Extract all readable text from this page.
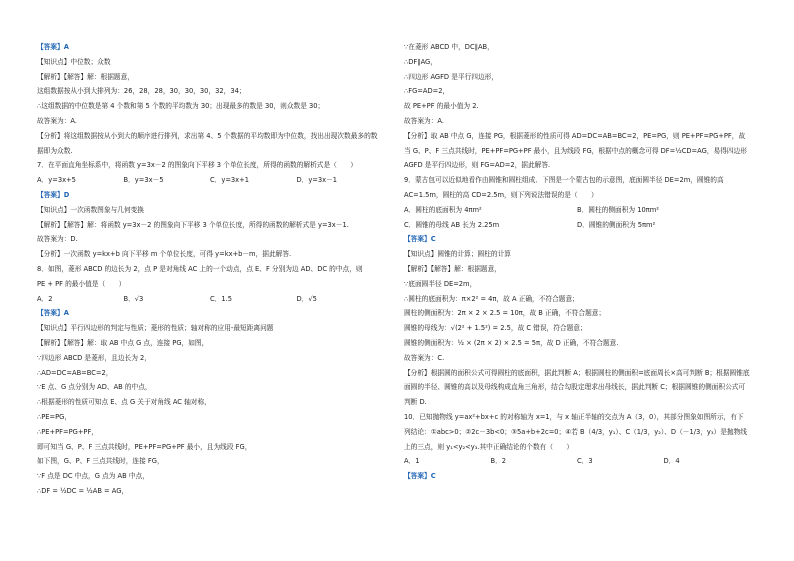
【答案】A
【知识点】中位数；众数
【解析】【解答】解：根据题意，
这组数据按从小到大排列为：26，28，28，30，30，30，32，34；
∴这组数据的中位数是第 4 个数和第 5 个数的平均数为 30；出现最多的数是 30，则众数是 30；
故答案为：A.
【分析】将这组数据按从小到大的顺序进行排列，求出第 4、5 个数据的平均数即为中位数，找出出现次数最多的数据即为众数.
7．在平面直角坐标系中，将函数 y=3x－2 的图象向下平移 3 个单位长度，所得的函数的解析式是（　　）
A．y=3x+5	B．y=3x－5	C．y=3x+1	D．y=3x－1
【答案】D
【知识点】一次函数图象与几何变换
【解析】【解答】解：将函数 y=3x－2 的图象向下平移 3 个单位长度，所得的函数的解析式是 y=3x－1.
故答案为：D.
【分析】一次函数 y=kx+b 向下平移 m 个单位长度，可得 y=kx+b－m，据此解答.
8．如图，菱形 ABCD 的边长为 2，点 P 是对角线 AC 上的一个动点，点 E、F 分别为边 AD、DC 的中点，则
PE + PF 的最小值是（　　）
A．2	B．√3	C．1.5	D．√5
【答案】A
【知识点】平行四边形的判定与性质；菱形的性质；轴对称的应用-最短距离问题
【解析】【解答】解：取 AB 中点 G 点，连接 PG，如图，
∵四边形 ABCD 是菱形，且边长为 2，
∴AD=DC=AB=BC=2，
∵E 点、G 点分别为 AD、AB 的中点，
∴根据菱形的性质可知点 E、点 G 关于对角线 AC 轴对称，
∴PE=PG，
∴PE+PF=PG+PF，
即可知当 G、P、F 三点共线时，PE+PF=PG+PF 最小，且为线段 FG，
如下图，G、P、F 三点共线时，连接 FG，
∵F 点是 DC 中点，G 点为 AB 中点，
∴DF = ½DC = ½AB = AG，
∵在菱形 ABCD 中，DC∥AB，
∴DF∥AG，
∴四边形 AGFD 是平行四边形，
∴FG=AD=2，
故 PE+PF 的最小值为 2.
故答案为：A.
【分析】取 AB 中点 G，连接 PG，根据菱形的性质可得 AD=DC=AB=BC=2，PE=PG，则 PE+PF=PG+PF，故当 G、P、F 三点共线时，PE+PF=PG+PF 最小，且为线段 FG，根据中点的概念可得 DF=½CD=AG，易得四边形 AGFD 是平行四边形，则 FG=AD=2，据此解答.
9．蒙古包可以近似地看作由圆锥和圆柱组成．下图是一个蒙古包的示意图，底面圆半径 DE=2m，圆锥的高 AC=1.5m，圆柱的高 CD=2.5m，则下列说法错误的是（　　）
A．圆柱的底面积为 4πm²	B．圆柱的侧面积为 10πm²
C．圆锥的母线 AB 长为 2.25m	D．圆锥的侧面积为 5πm²
【答案】C
【知识点】圆锥的计算；圆柱的计算
【解析】【解答】解：根据题意，
∵底面圆半径 DE=2m，
∴圆柱的底面积为：π×2² = 4π，故 A 正确，不符合题意；
圆柱的侧面积为：2π × 2 × 2.5 = 10π，故 B 正确，不符合题意；
圆锥的母线为：√(2² + 1.5²) = 2.5，故 C 错误，符合题意；
圆锥的侧面积为：½ × (2π × 2) × 2.5 = 5π，故 D 正确，不符合题意.
故答案为：C.
【分析】根据圆的面积公式可得圆柱的底面积，据此判断 A；根据圆柱的侧面积=底面周长×高可判断 B；根据圆锥底面圆的半径、圆锥的高以及母线构成直角三角形，结合勾股定理求出母线长，据此判断 C；根据圆锥的侧面积公式可判断 D.
10．已知抛物线 y=ax²+bx+c 的对称轴为 x=1，与 x 轴正半轴的交点为 A（3，0），其部分图象如图所示，有下列结论：①abc>0；②2c－3b<0；③5a+b+2c=0；④若 B（4/3，y₁）、C（1/3，y₂）、D（－1/3，y₃）是抛物线上的三点，则 y₁<y₂<y₃.其中正确结论的个数有（　　）
A．1	B．2	C．3	D．4
【答案】C
